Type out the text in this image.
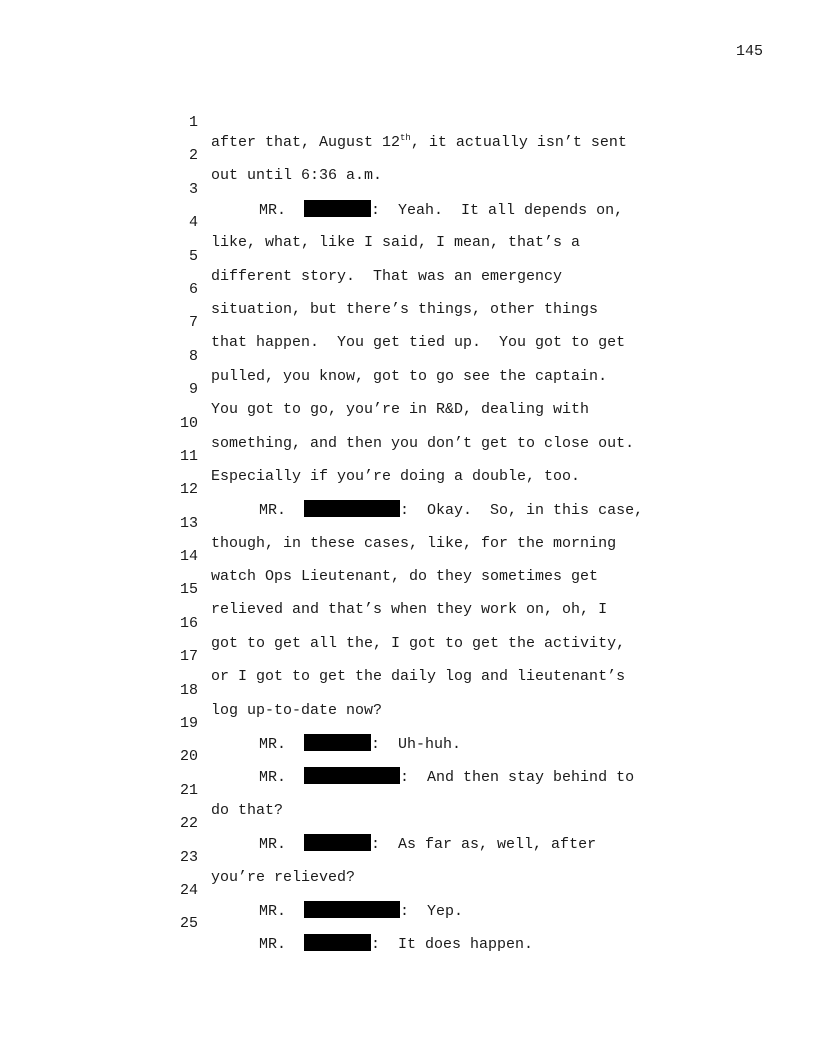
145

1

after that, August 12th, it actually isn’t sent

2

out until 6:36 a.m.

3

MR.	:  Yeah.  It all depends on,

4

like, what, like I said, I mean, that’s a

5

different story.  That was an emergency

6

situation, but there’s things, other things

7

that happen.  You get tied up.  You got to get

8

pulled, you know, got to go see the captain.

9

You got to go, you’re in R&D, dealing with

10

something, and then you don’t get to close out.

11

Especially if you’re doing a double, too.

12

MR.	:  Okay.  So, in this case,

13

though, in these cases, like, for the morning

14

watch Ops Lieutenant, do they sometimes get

15

relieved and that’s when they work on, oh, I

16

got to get all the, I got to get the activity,

17

or I got to get the daily log and lieutenant’s

18

log up-to-date now?

19

MR.	:  Uh-huh.

20

MR.	:  And then stay behind to

21

do that?

22

MR.	:  As far as, well, after

23

you’re relieved?

24

MR.	:  Yep.

25

MR.	:  It does happen.
